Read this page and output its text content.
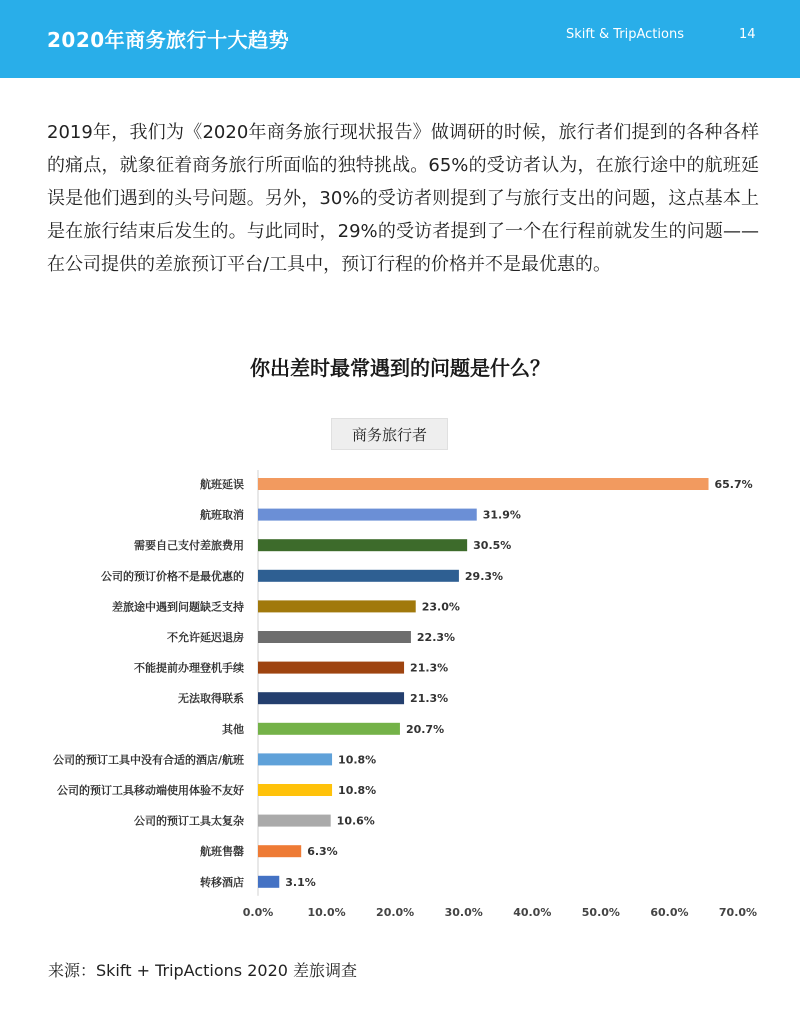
2020年商务旅行十大趋势	Skift & TripActions	14
2019年，我们为《2020年商务旅行现状报告》做调研的时候，旅行者们提到的各种各样的痛点，就象征着商务旅行所面临的独特挑战。65%的受访者认为，在旅行途中的航班延误是他们遇到的头号问题。另外，30%的受访者则提到了与旅行支出的问题，这点基本上是在旅行结束后发生的。与此同时，29%的受访者提到了一个在行程前就发生的问题——在公司提供的差旅预订平台/工具中，预订行程的价格并不是最优惠的。
你出差时最常遇到的问题是什么？
商务旅行者
航班延误	65.7%
航班取消	31.9%
需要自己支付差旅费用	30.5%
公司的预订价格不是最优惠的	29.3%
差旅途中遇到问题缺乏支持	23.0%
不允许延迟退房	22.3%
不能提前办理登机手续	21.3%
无法取得联系	21.3%
其他	20.7%
公司的预订工具中没有合适的酒店/航班	10.8%
公司的预订工具移动端使用体验不友好	10.8%
公司的预订工具太复杂	10.6%
航班售罄	6.3%
转移酒店	3.1%
0.0%	10.0%	20.0%	30.0%	40.0%	50.0%	60.0%	70.0%
来源：Skift + TripActions 2020 差旅调查
